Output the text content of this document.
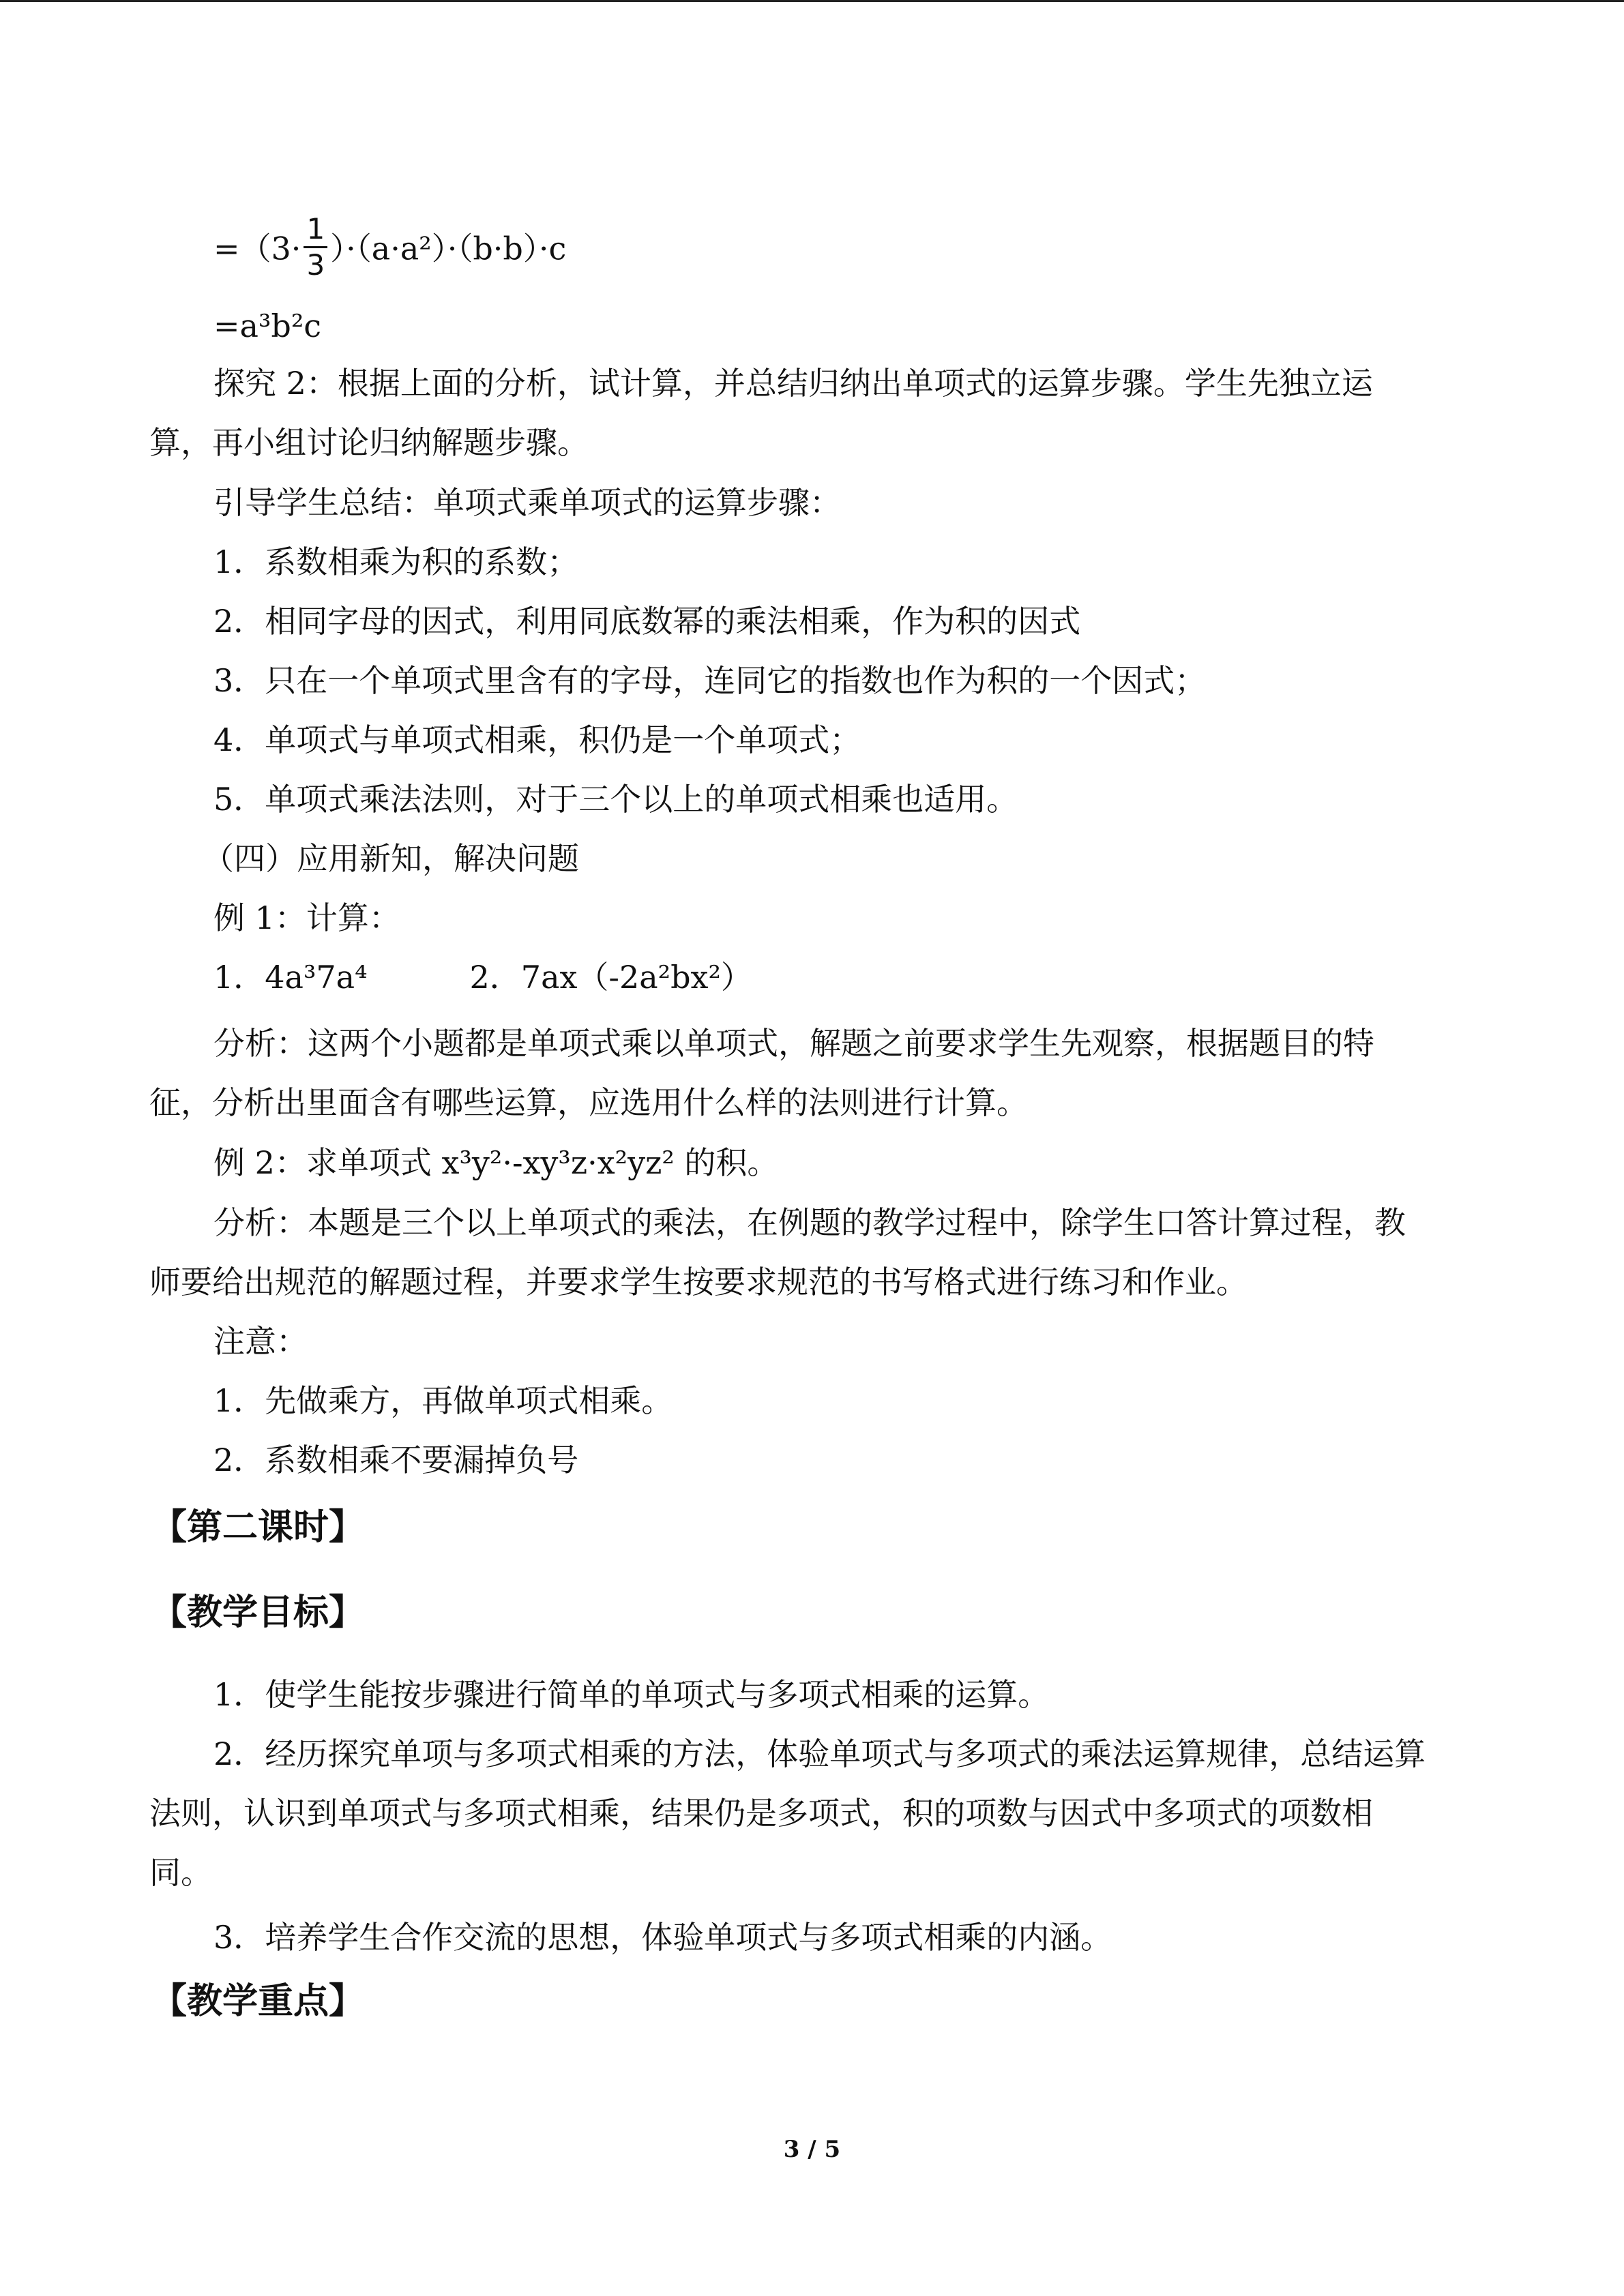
$=(3\cdot \frac{1}{3} )\cdot(a\cdot a^2)\cdot(b\cdot b)\cdot c$
=a³b²c
探究 2：根据上面的分析，试计算，并总结归纳出单项式的运算步骤。学生先独立运
算，再小组讨论归纳解题步骤。
引导学生总结：单项式乘单项式的运算步骤：
1．系数相乘为积的系数；
2．相同字母的因式，利用同底数幂的乘法相乘，作为积的因式
3．只在一个单项式里含有的字母，连同它的指数也作为积的一个因式；
4．单项式与单项式相乘，积仍是一个单项式；
5．单项式乘法法则，对于三个以上的单项式相乘也适用。
（四）应用新知，解决问题
例 1：计算：
1．4a³7a⁴	2．7ax（-2a²bx²）
分析：这两个小题都是单项式乘以单项式，解题之前要求学生先观察，根据题目的特
征，分析出里面含有哪些运算，应选用什么样的法则进行计算。
例 2：求单项式 x³y²·-xy³z·x²yz² 的积。
分析：本题是三个以上单项式的乘法，在例题的教学过程中，除学生口答计算过程，教
师要给出规范的解题过程，并要求学生按要求规范的书写格式进行练习和作业。
注意：
1．先做乘方，再做单项式相乘。
2．系数相乘不要漏掉负号
【第二课时】
【教学目标】
1．使学生能按步骤进行简单的单项式与多项式相乘的运算。
2．经历探究单项与多项式相乘的方法，体验单项式与多项式的乘法运算规律，总结运算
法则，认识到单项式与多项式相乘，结果仍是多项式，积的项数与因式中多项式的项数相
同。
3．培养学生合作交流的思想，体验单项式与多项式相乘的内涵。
【教学重点】
3 / 5
